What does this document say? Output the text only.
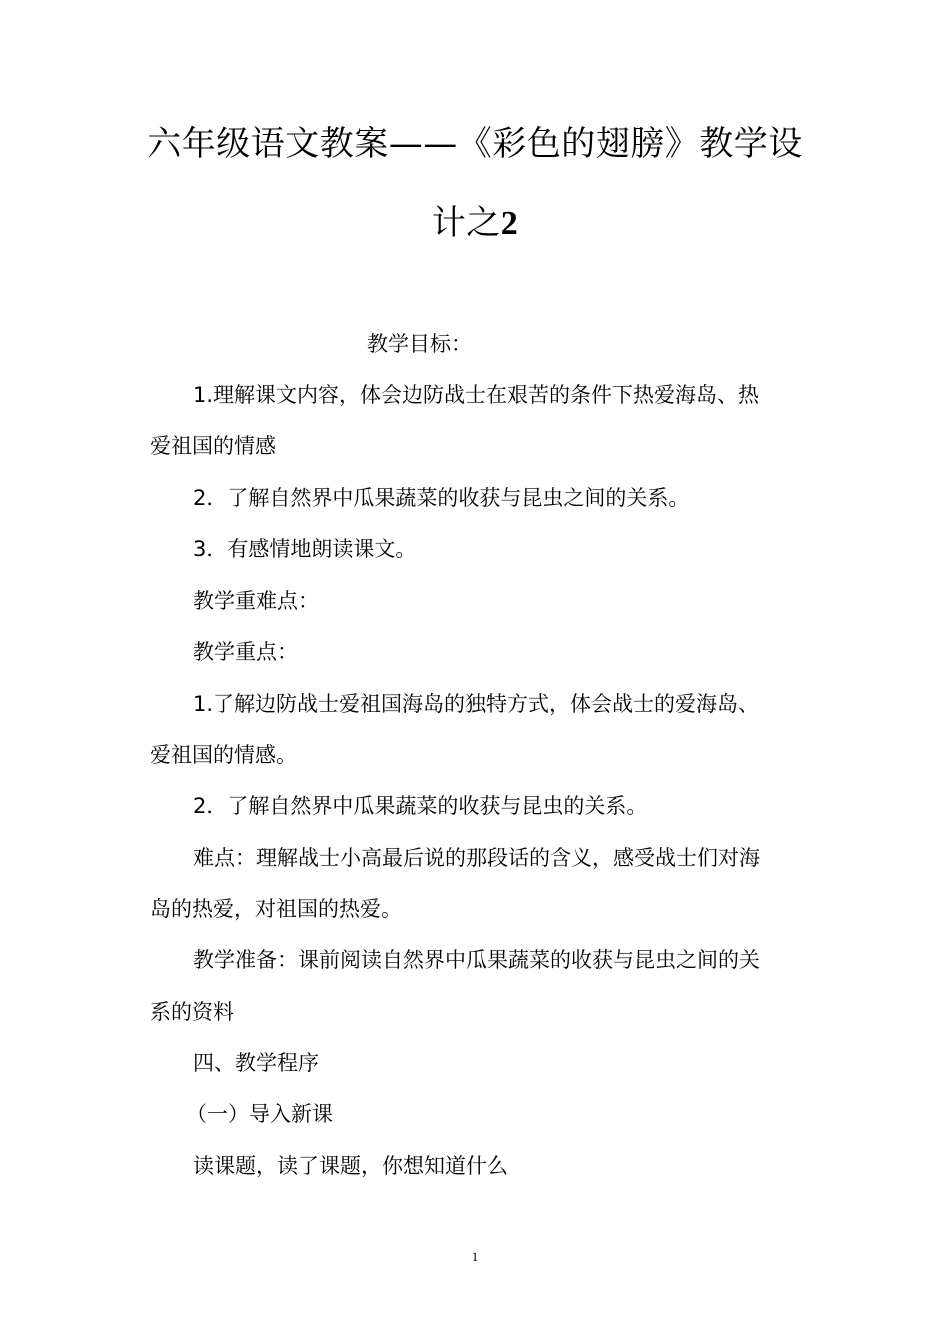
六年级语文教案——《彩色的翅膀》教学设
计之2
教学目标：
1.理解课文内容，体会边防战士在艰苦的条件下热爱海岛、热
爱祖国的情感
2．了解自然界中瓜果蔬菜的收获与昆虫之间的关系。
3．有感情地朗读课文。
教学重难点：
教学重点：
1.了解边防战士爱祖国海岛的独特方式，体会战士的爱海岛、
爱祖国的情感。
2．了解自然界中瓜果蔬菜的收获与昆虫的关系。
难点：理解战士小高最后说的那段话的含义，感受战士们对海
岛的热爱，对祖国的热爱。
教学准备：课前阅读自然界中瓜果蔬菜的收获与昆虫之间的关
系的资料
四、教学程序
（一）导入新课
读课题，读了课题，你想知道什么
1
